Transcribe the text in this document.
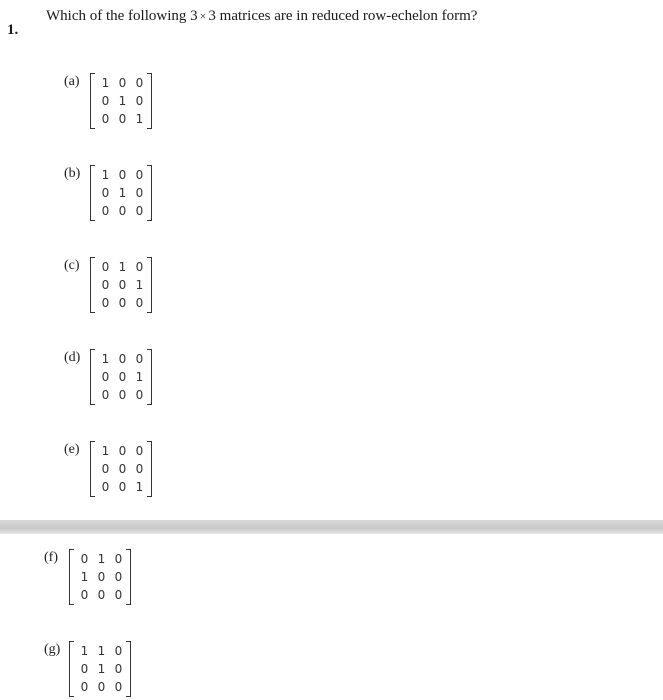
1.
Which of the following 3 × 3 matrices are in reduced row-echelon form?
(a)	1 0 0
0 1 0
0 0 1
(b)	1 0 0
0 1 0
0 0 0
(c)	0 1 0
0 0 1
0 0 0
(d)	1 0 0
0 0 1
0 0 0
(e)	1 0 0
0 0 0
0 0 1
(f)	0 1 0
1 0 0
0 0 0
(g)	1 1 0
0 1 0
0 0 0
